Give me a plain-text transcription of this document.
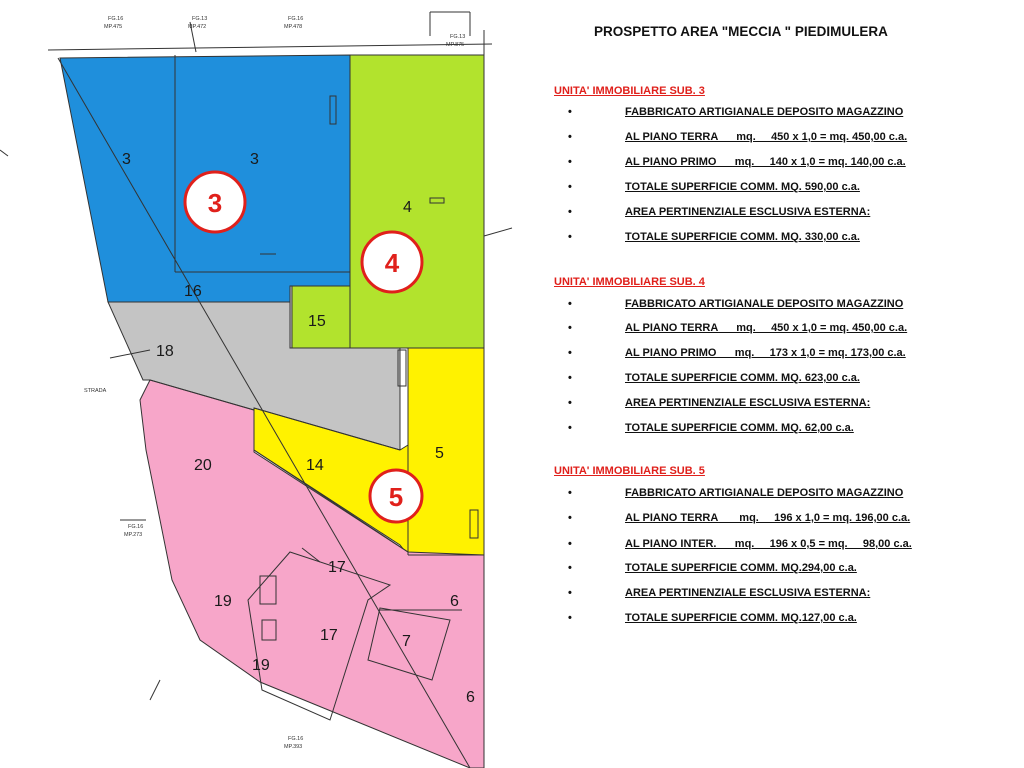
FG.16
MP.475
FG.13
MP.472
FG.16
MP.478
FG.13
MP.875
STRADA
FG.16
MP.273
FG.16
MP.393
3	3
4
16
15
18
20	14
5
17
17
19
19
7
6
6
3
4
5
PROSPETTO AREA "MECCIA " PIEDIMULERA
UNITA' IMMOBILIARE SUB. 3
•	FABBRICATO ARTIGIANALE DEPOSITO MAGAZZINO
•	AL PIANO TERRA      mq.     450 x 1,0 = mq. 450,00 c.a.
•	AL PIANO PRIMO      mq.     140 x 1,0 = mq. 140,00 c.a.
•	TOTALE SUPERFICIE COMM. MQ. 590,00 c.a.
•	AREA PERTINENZIALE ESCLUSIVA ESTERNA:
•	TOTALE SUPERFICIE COMM. MQ. 330,00 c.a.
UNITA' IMMOBILIARE SUB. 4
•	FABBRICATO ARTIGIANALE DEPOSITO MAGAZZINO
•	AL PIANO TERRA      mq.     450 x 1,0 = mq. 450,00 c.a.
•	AL PIANO PRIMO      mq.     173 x 1,0 = mq. 173,00 c.a.
•	TOTALE SUPERFICIE COMM. MQ. 623,00 c.a.
•	AREA PERTINENZIALE ESCLUSIVA ESTERNA:
•	TOTALE SUPERFICIE COMM. MQ. 62,00 c.a.
UNITA' IMMOBILIARE SUB. 5
•	FABBRICATO ARTIGIANALE DEPOSITO MAGAZZINO
•	AL PIANO TERRA       mq.     196 x 1,0 = mq. 196,00 c.a.
•	AL PIANO INTER.      mq.     196 x 0,5 = mq.     98,00 c.a.
•	TOTALE SUPERFICIE COMM. MQ.294,00 c.a.
•	AREA PERTINENZIALE ESCLUSIVA ESTERNA:
•	TOTALE SUPERFICIE COMM. MQ.127,00 c.a.
